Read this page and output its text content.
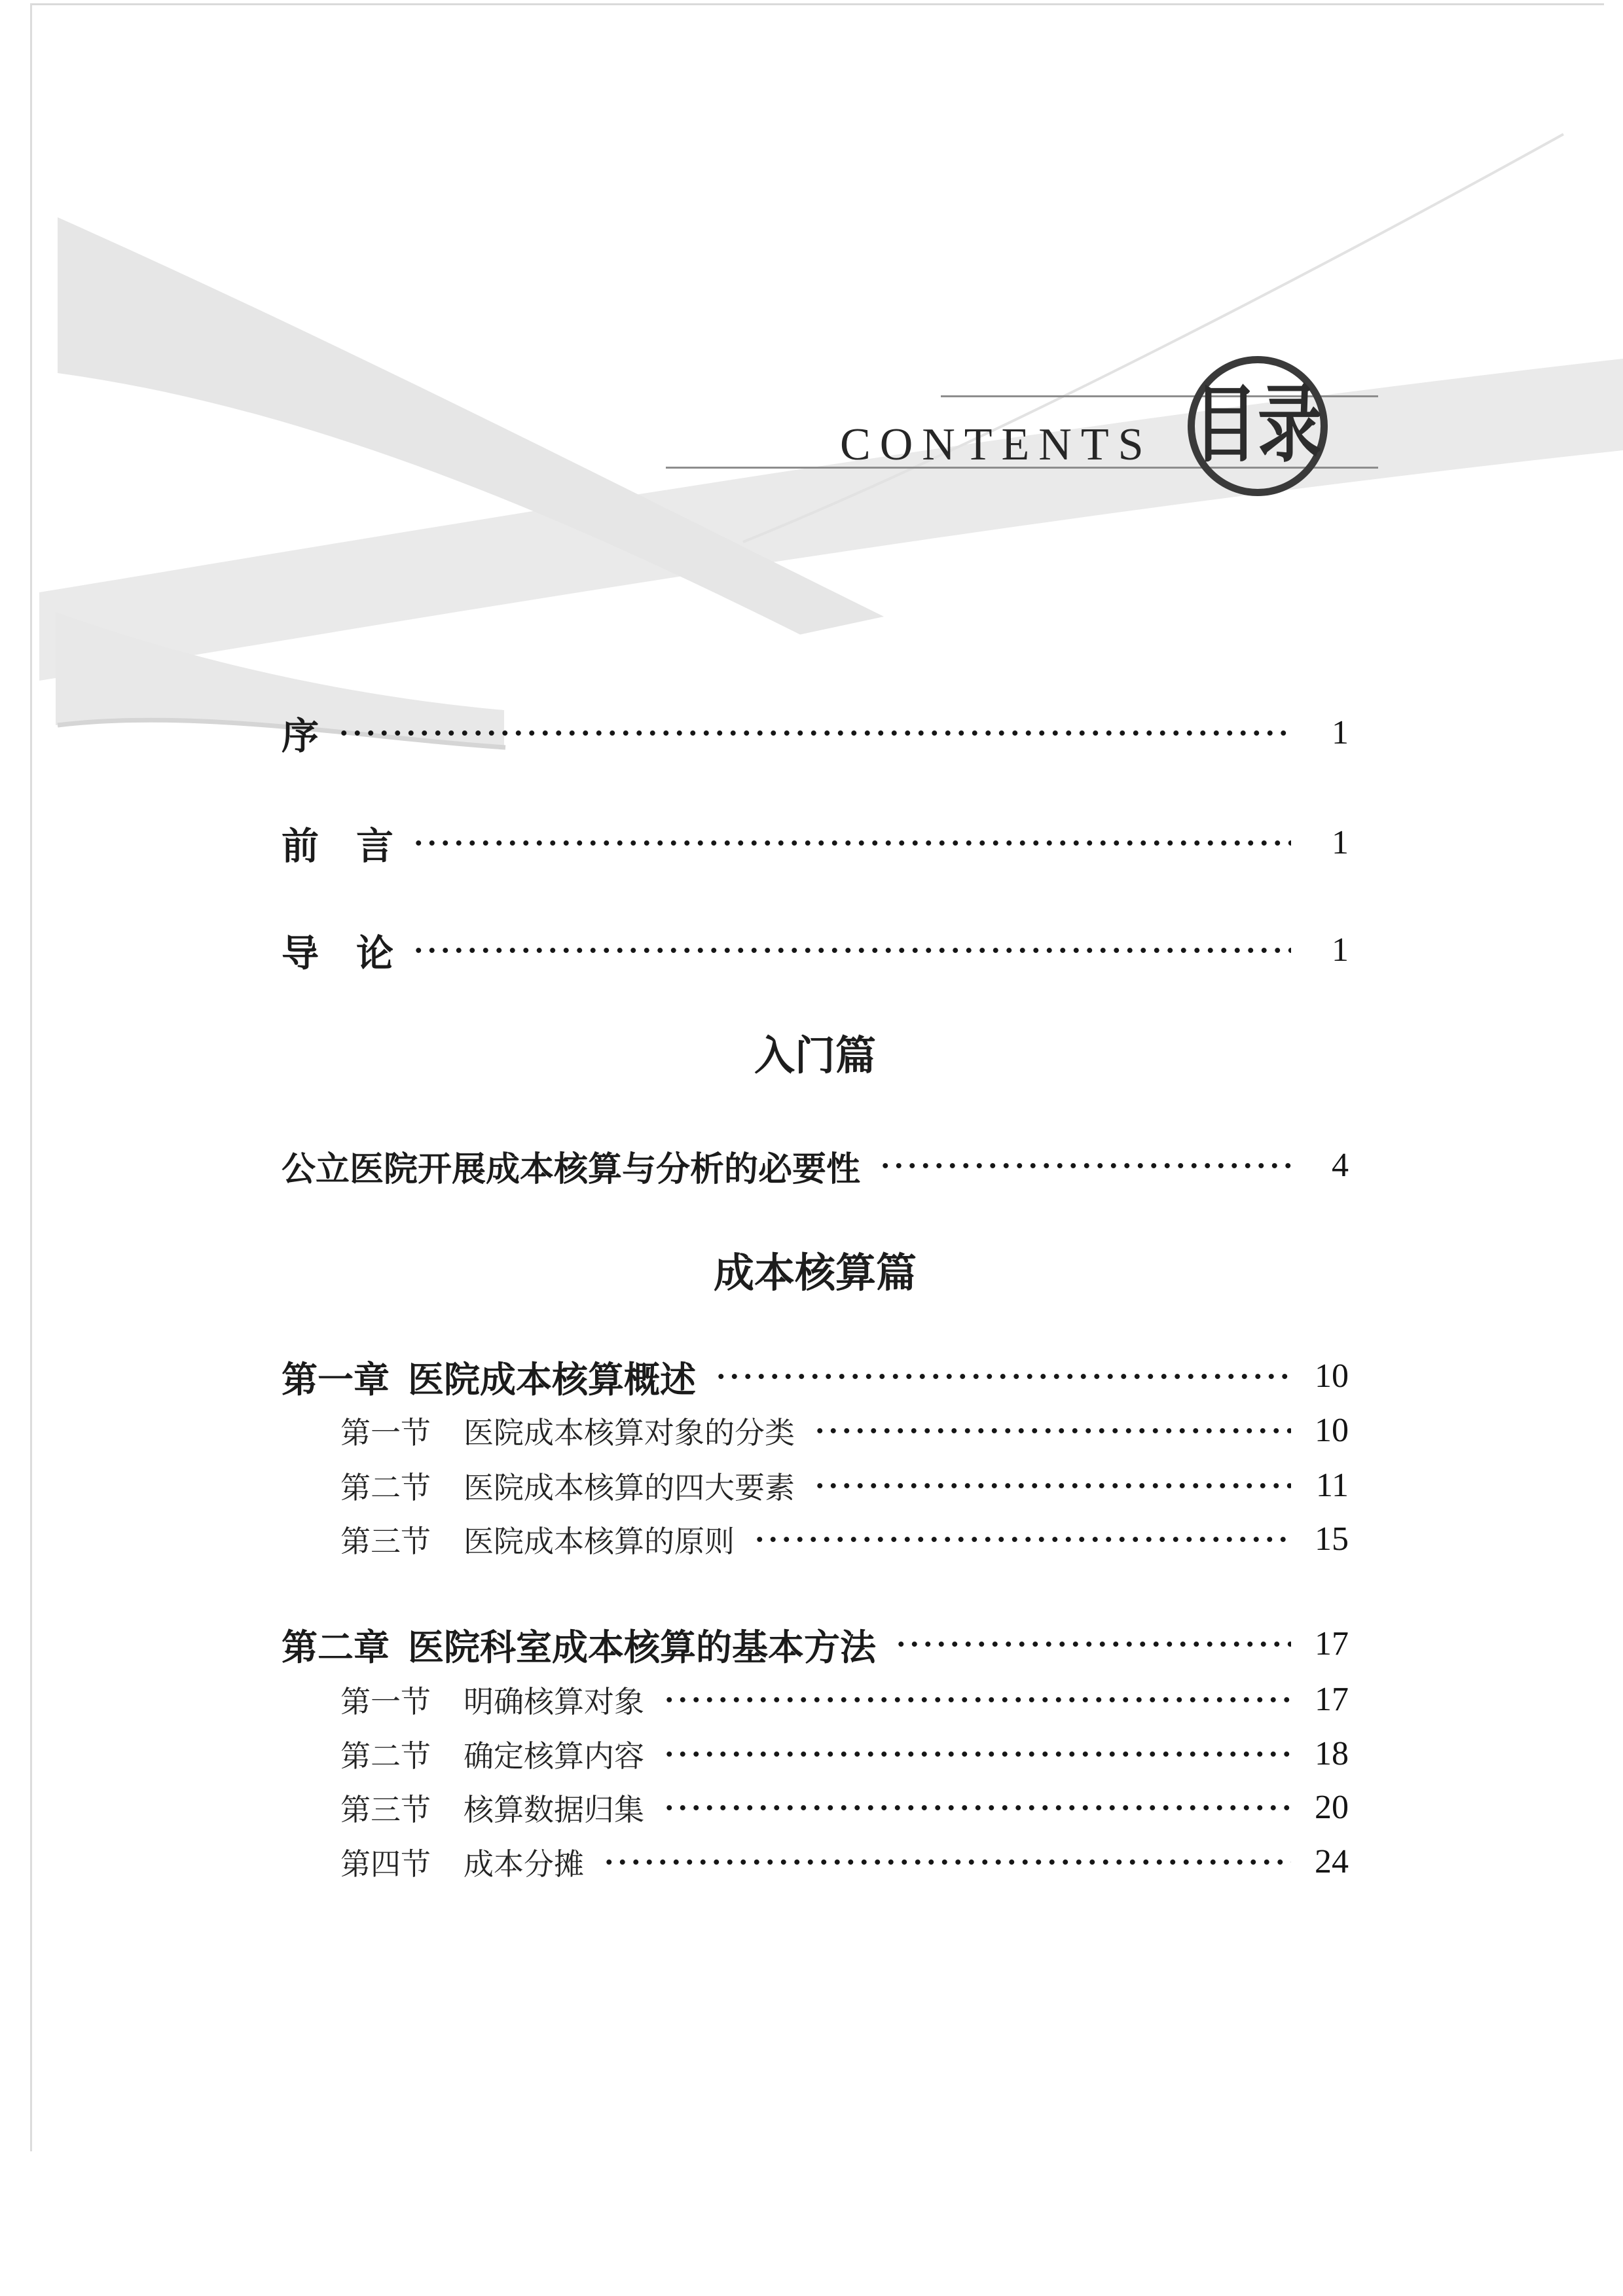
CONTENTS 目录
序	1
前　言	1
导　论	1
入门篇
公立医院开展成本核算与分析的必要性	4
成本核算篇
第一章 医院成本核算概述	10
第一节 医院成本核算对象的分类	10
第二节 医院成本核算的四大要素	11
第三节 医院成本核算的原则	15
第二章 医院科室成本核算的基本方法	17
第一节 明确核算对象	17
第二节 确定核算内容	18
第三节 核算数据归集	20
第四节 成本分摊	24
